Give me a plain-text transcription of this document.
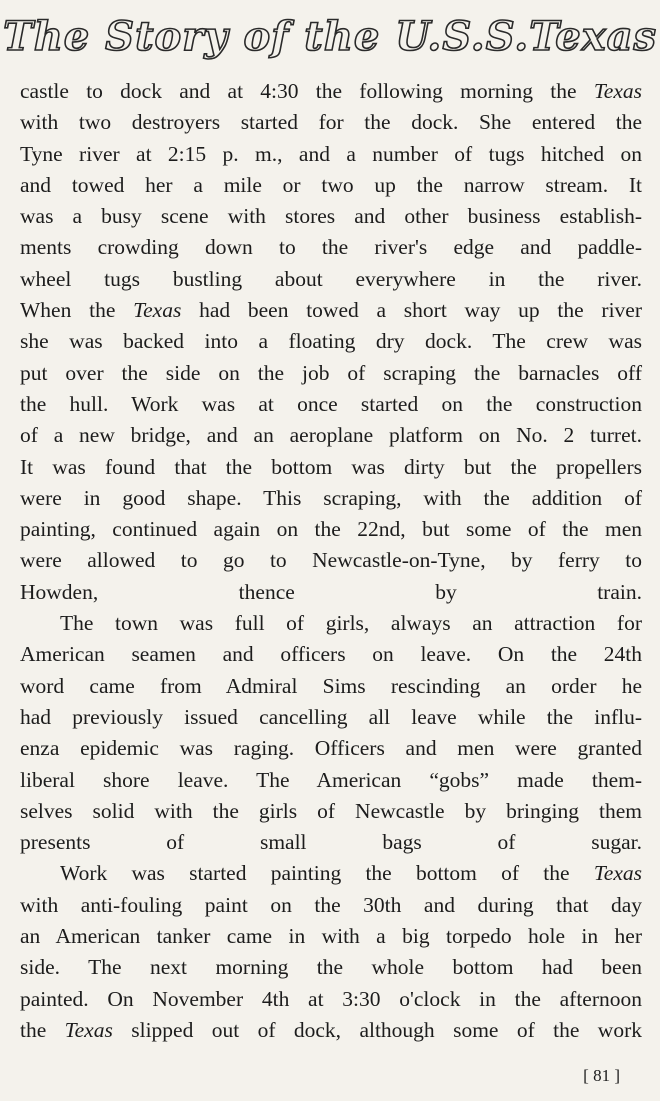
The Story of the U.S.S.Texas
castle to dock and at 4:30 the following morning the Texas
with two destroyers started for the dock. She entered the
Tyne river at 2:15 p. m., and a number of tugs hitched on
and towed her a mile or two up the narrow stream. It
was a busy scene with stores and other business establish-
ments crowding down to the river's edge and paddle-
wheel tugs bustling about everywhere in the river.
When the Texas had been towed a short way up the river
she was backed into a floating dry dock. The crew was
put over the side on the job of scraping the barnacles off
the hull. Work was at once started on the construction
of a new bridge, and an aeroplane platform on No. 2 turret.
It was found that the bottom was dirty but the propellers
were in good shape. This scraping, with the addition of
painting, continued again on the 22nd, but some of the men
were allowed to go to Newcastle-on-Tyne, by ferry to
Howden, thence by train.
The town was full of girls, always an attraction for
American seamen and officers on leave. On the 24th
word came from Admiral Sims rescinding an order he
had previously issued cancelling all leave while the influ-
enza epidemic was raging. Officers and men were granted
liberal shore leave. The American “gobs” made them-
selves solid with the girls of Newcastle by bringing them
presents of small bags of sugar.
Work was started painting the bottom of the Texas
with anti-fouling paint on the 30th and during that day
an American tanker came in with a big torpedo hole in her
side. The next morning the whole bottom had been
painted. On November 4th at 3:30 o'clock in the afternoon
the Texas slipped out of dock, although some of the work
[ 81 ]
